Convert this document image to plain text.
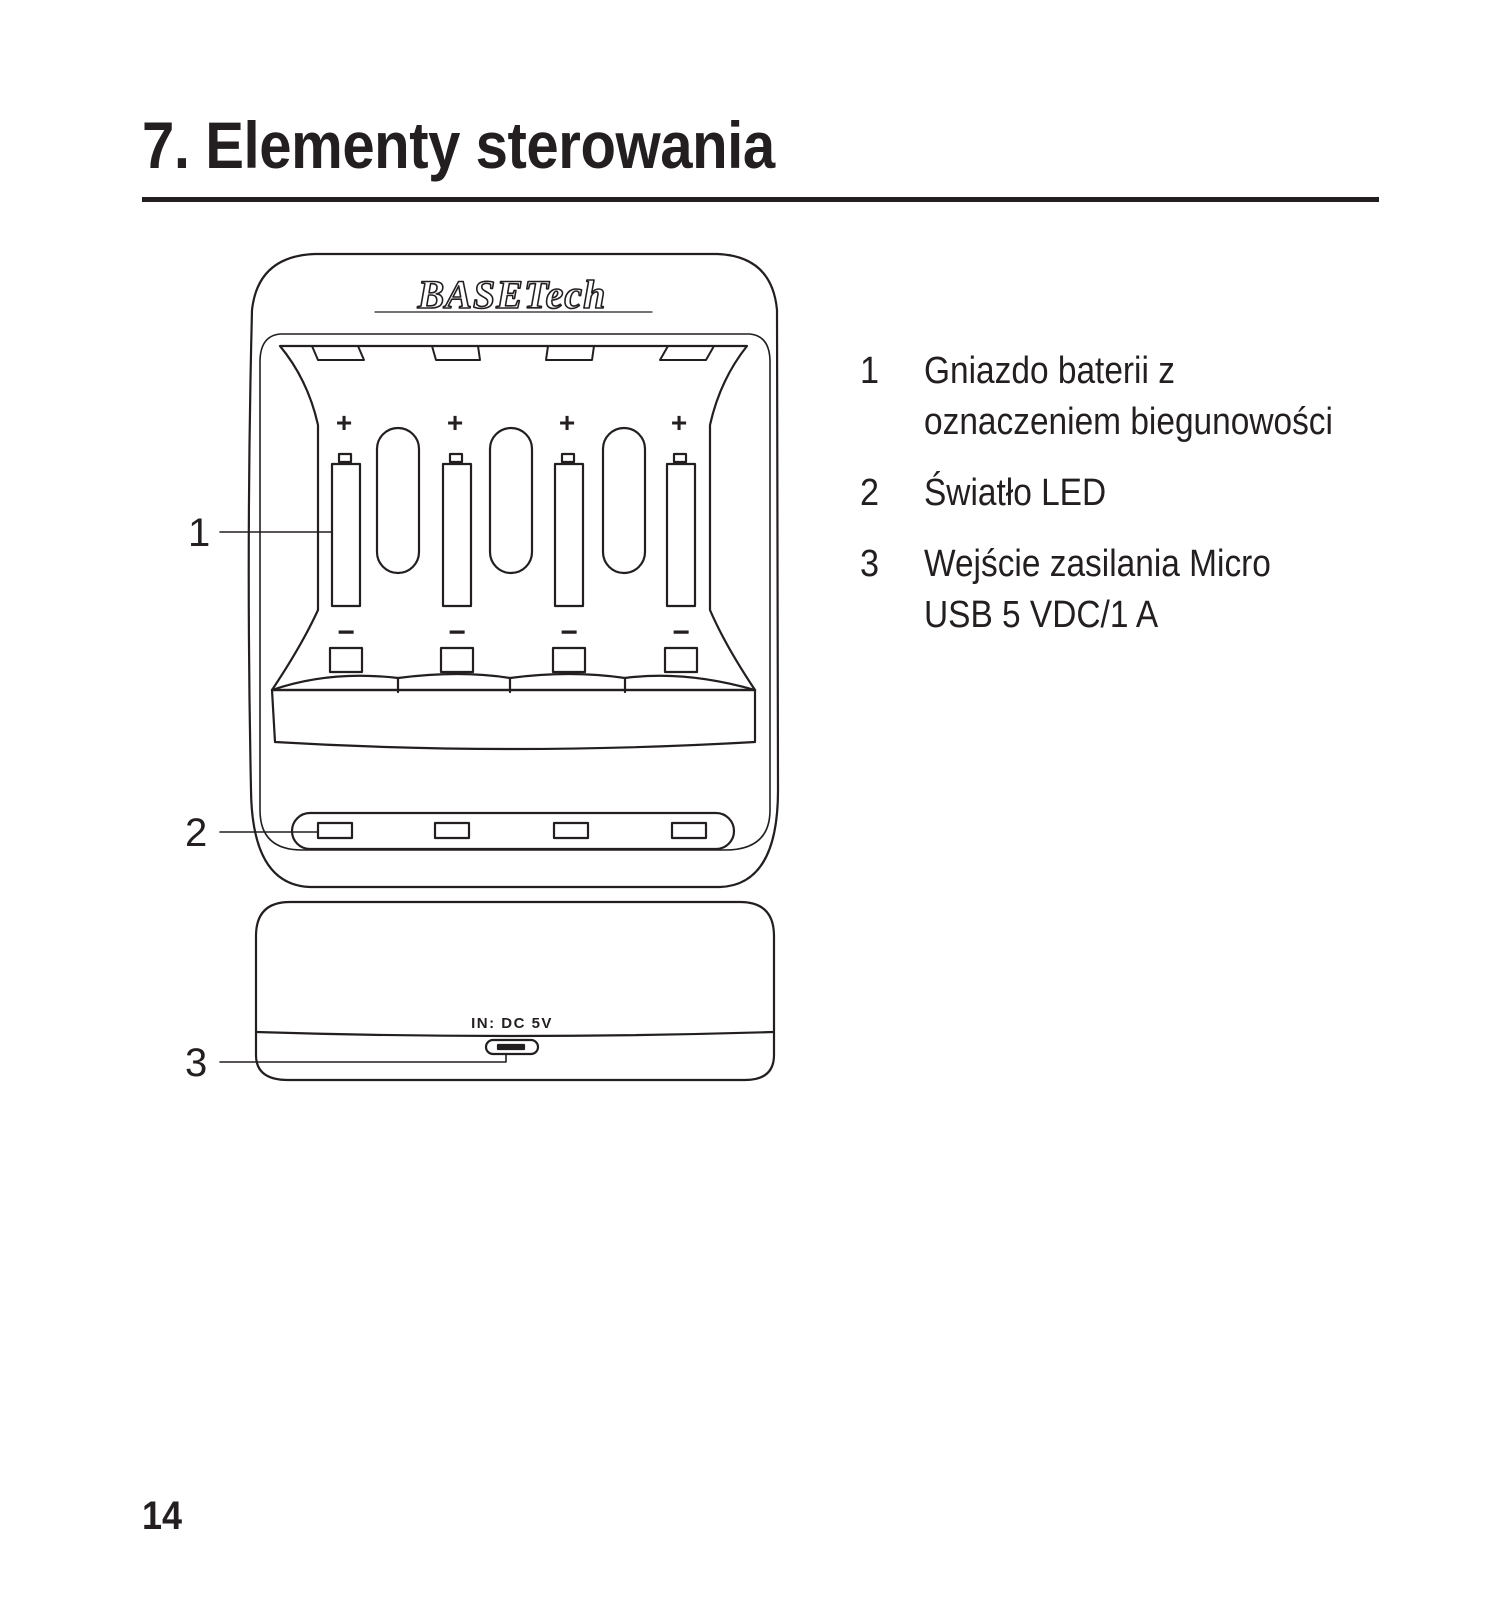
7. Elementy sterowania
+
−
+
−
+
−
+
−
IN: DC 5V
BASETech
1
2
3
1	Gniazdo baterii z
oznaczeniem biegunowości
2	Światło LED
3	Wejście zasilania Micro
USB 5 VDC/1 A
14
